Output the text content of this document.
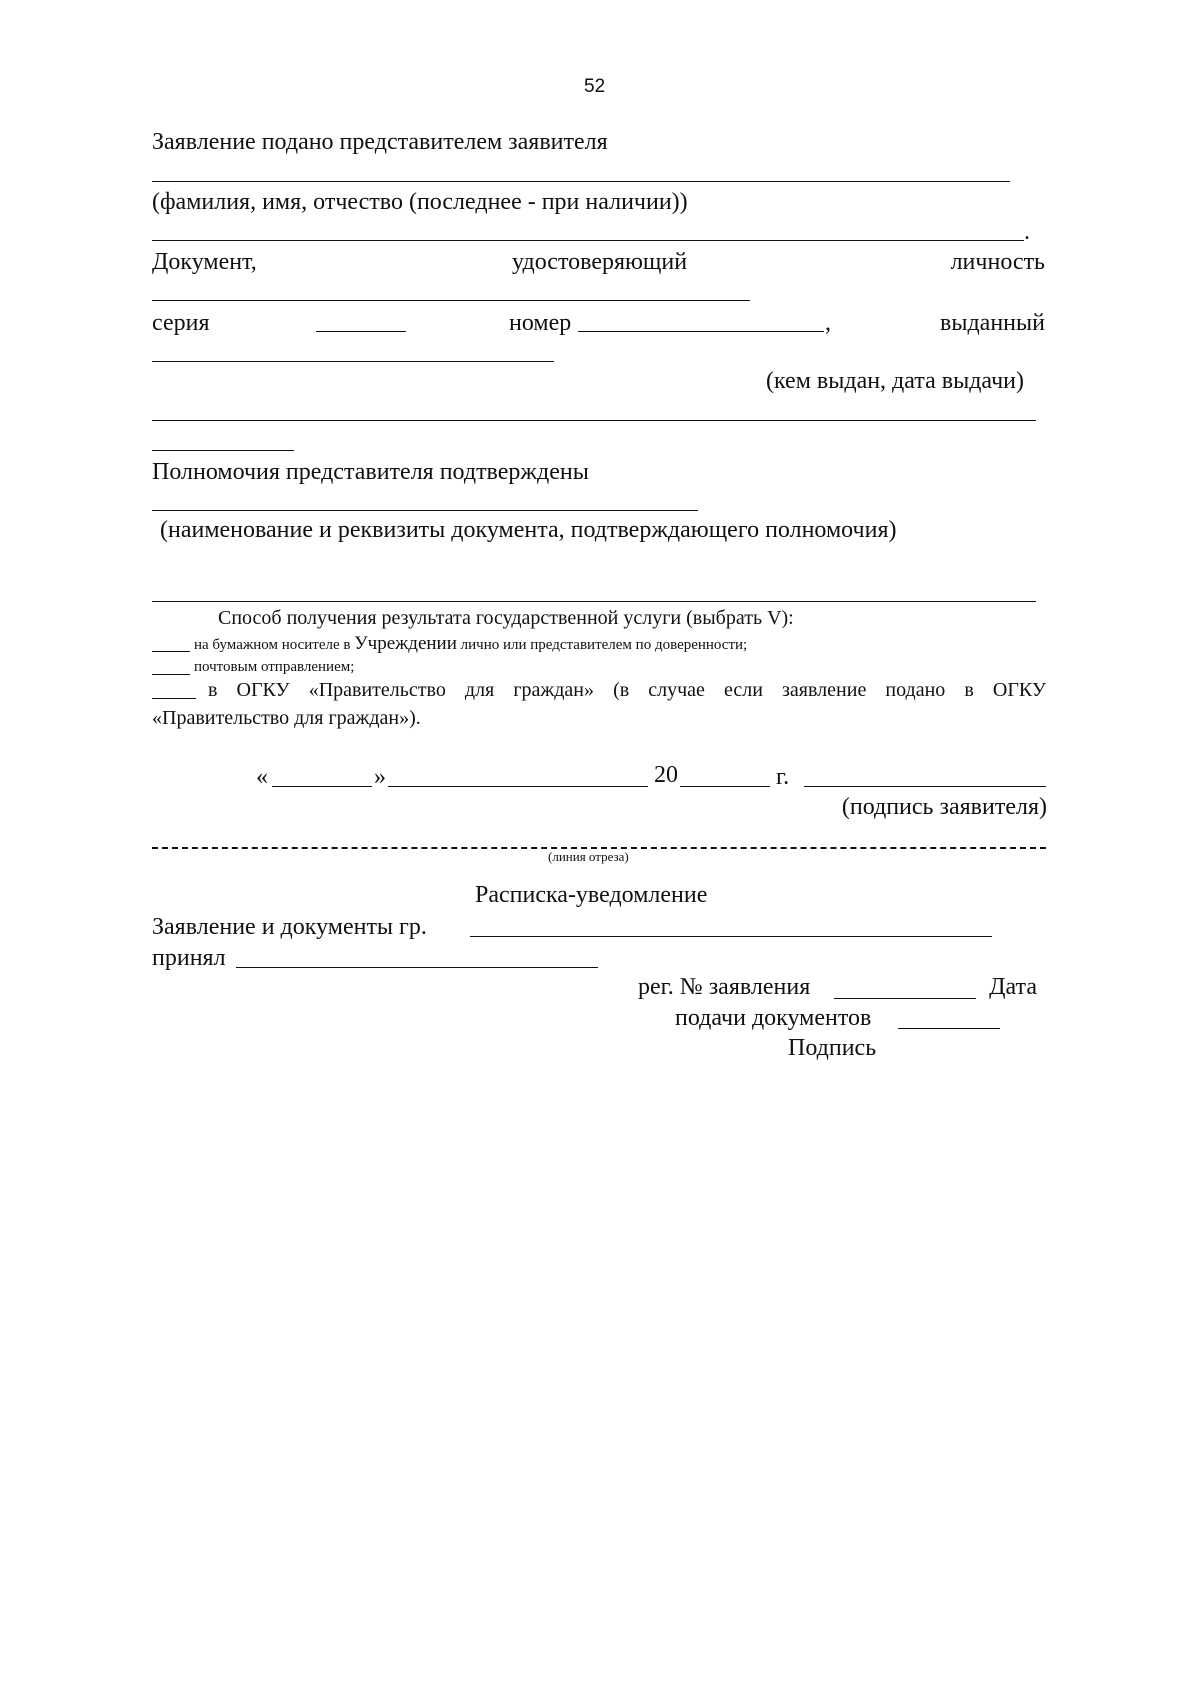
52
Заявление подано представителем заявителя
(фамилия, имя, отчество (последнее - при наличии))
.
Документ,	удостоверяющий	личность
серия	номер	,	выданный
(кем выдан, дата выдачи)
Полномочия представителя подтверждены
(наименование и реквизиты документа, подтверждающего полномочия)
Способ получения результата государственной услуги (выбрать V):
на бумажном носителе в Учреждении лично или представителем по доверенности;
почтовым отправлением;
в ОГКУ «Правительство для граждан» (в случае если заявление подано в ОГКУ
«Правительство для граждан»).
«	»	20	г.
(подпись заявителя)
(линия отреза)
Расписка-уведомление
Заявление и документы гр.
принял
рег. № заявления	Дата
подачи документов
Подпись
